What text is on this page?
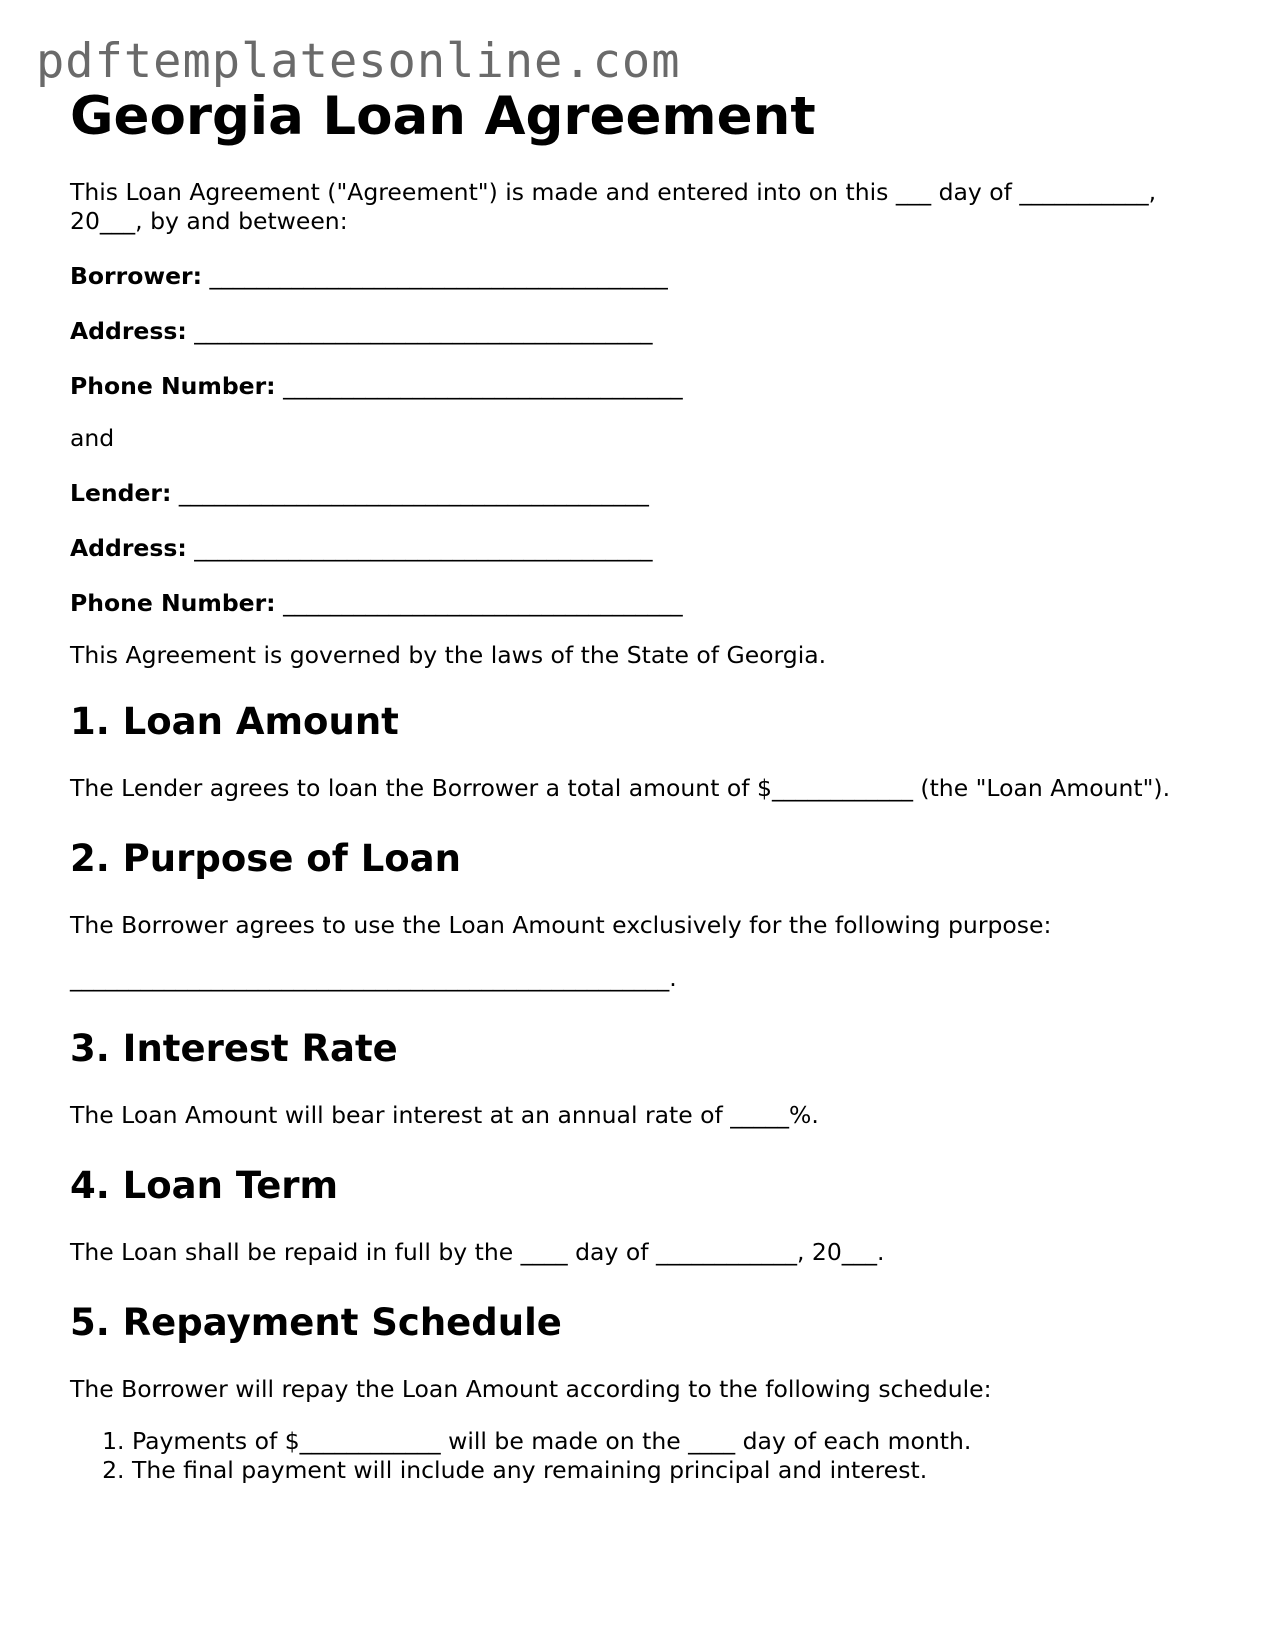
pdftemplatesonline.com
Georgia Loan Agreement

This Loan Agreement ("Agreement") is made and entered into on this ___ day of ___________, 20___, by and between:

Borrower: _______________________________________

Address: _______________________________________

Phone Number: __________________________________

and

Lender: ________________________________________

Address: _______________________________________

Phone Number: __________________________________

This Agreement is governed by the laws of the State of Georgia.

1. Loan Amount

The Lender agrees to loan the Borrower a total amount of $____________ (the "Loan Amount").

2. Purpose of Loan

The Borrower agrees to use the Loan Amount exclusively for the following purpose:

___________________________________________________.

3. Interest Rate

The Loan Amount will bear interest at an annual rate of _____%.

4. Loan Term

The Loan shall be repaid in full by the ____ day of ____________, 20___.

5. Repayment Schedule

The Borrower will repay the Loan Amount according to the following schedule:

1. Payments of $____________ will be made on the ____ day of each month.
2. The final payment will include any remaining principal and interest.
